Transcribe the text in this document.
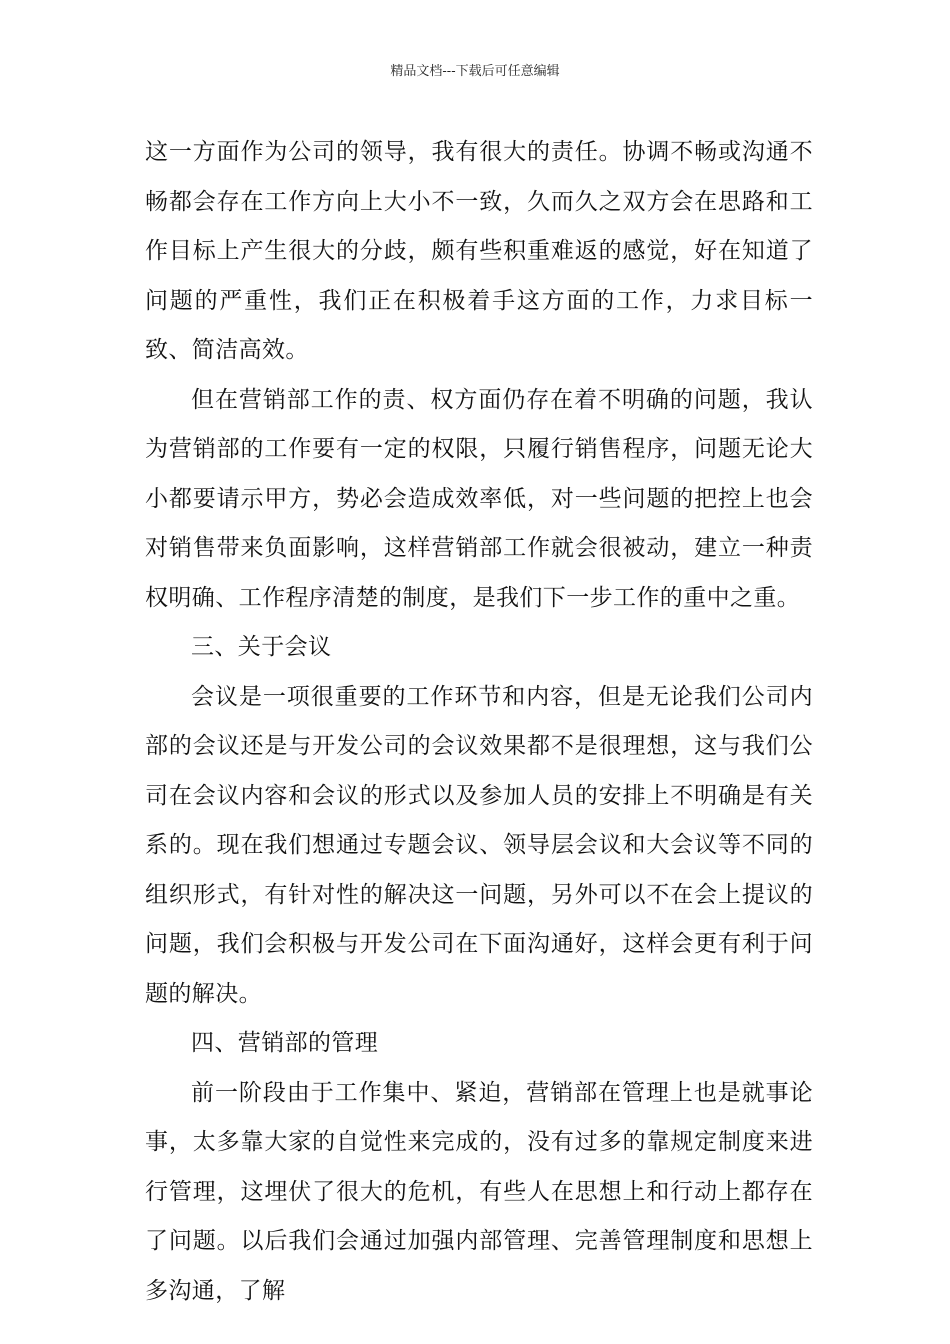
精品文档---下载后可任意编辑

这一方面作为公司的领导，我有很大的责任。协调不畅或沟通不畅都会存在工作方向上大小不一致，久而久之双方会在思路和工作目标上产生很大的分歧，颇有些积重难返的感觉，好在知道了问题的严重性，我们正在积极着手这方面的工作，力求目标一致、简洁高效。

但在营销部工作的责、权方面仍存在着不明确的问题，我认为营销部的工作要有一定的权限，只履行销售程序，问题无论大小都要请示甲方，势必会造成效率低，对一些问题的把控上也会对销售带来负面影响，这样营销部工作就会很被动，建立一种责权明确、工作程序清楚的制度，是我们下一步工作的重中之重。

三、关于会议

会议是一项很重要的工作环节和内容，但是无论我们公司内部的会议还是与开发公司的会议效果都不是很理想，这与我们公司在会议内容和会议的形式以及参加人员的安排上不明确是有关系的。现在我们想通过专题会议、领导层会议和大会议等不同的组织形式，有针对性的解决这一问题，另外可以不在会上提议的问题，我们会积极与开发公司在下面沟通好，这样会更有利于问题的解决。

四、营销部的管理

前一阶段由于工作集中、紧迫，营销部在管理上也是就事论事，太多靠大家的自觉性来完成的，没有过多的靠规定制度来进行管理，这埋伏了很大的危机，有些人在思想上和行动上都存在了问题。以后我们会通过加强内部管理、完善管理制度和思想上多沟通，了解
